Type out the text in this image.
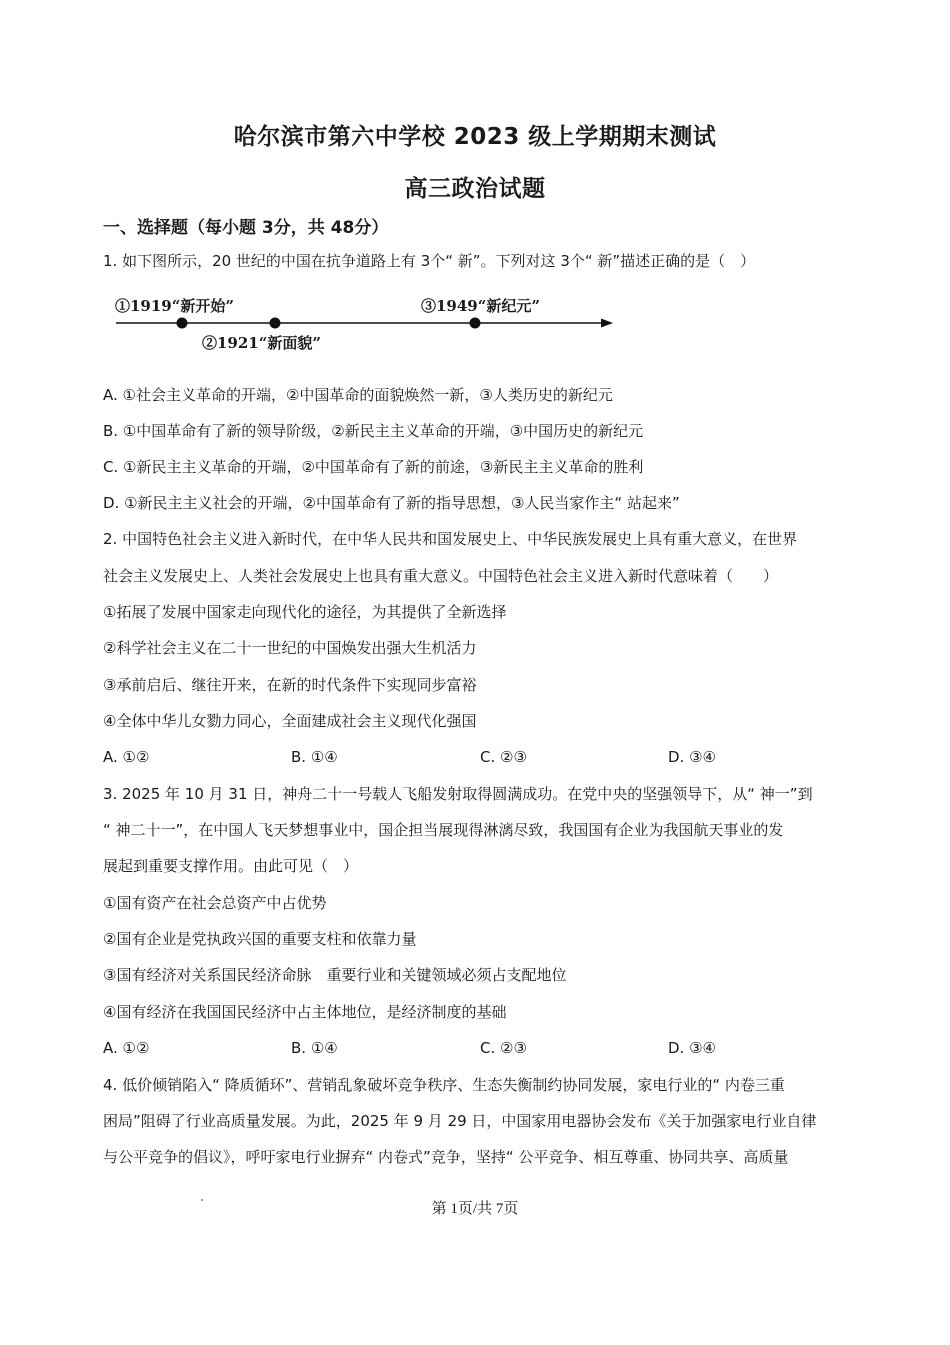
哈尔滨市第六中学校 2023 级上学期期末测试
高三政治试题
一、选择题（每小题 3分，共 48分）
1. 如下图所示，20 世纪的中国在抗争道路上有 3个“ 新”。下列对这 3个“ 新”描述正确的是（　）
①1919“新开始”
②1921“新面貌”
③1949“新纪元”
A. ①社会主义革命的开端，②中国革命的面貌焕然一新，③人类历史的新纪元
B. ①中国革命有了新的领导阶级，②新民主主义革命的开端，③中国历史的新纪元
C. ①新民主主义革命的开端，②中国革命有了新的前途，③新民主主义革命的胜利
D. ①新民主主义社会的开端，②中国革命有了新的指导思想，③人民当家作主“ 站起来”
2. 中国特色社会主义进入新时代，在中华人民共和国发展史上、中华民族发展史上具有重大意义，在世界
社会主义发展史上、人类社会发展史上也具有重大意义。中国特色社会主义进入新时代意味着（　　）
①拓展了发展中国家走向现代化的途径，为其提供了全新选择
②科学社会主义在二十一世纪的中国焕发出强大生机活力
③承前启后、继往开来，在新的时代条件下实现同步富裕
④全体中华儿女勠力同心，全面建成社会主义现代化强国
A. ①②	B. ①④	C. ②③	D. ③④
3. 2025 年 10 月 31 日，神舟二十一号载人飞船发射取得圆满成功。在党中央的坚强领导下，从“ 神一”到
“ 神二十一”，在中国人飞天梦想事业中，国企担当展现得淋漓尽致，我国国有企业为我国航天事业的发
展起到重要支撑作用。由此可见（　）
①国有资产在社会总资产中占优势
②国有企业是党执政兴国的重要支柱和依靠力量
③国有经济对关系国民经济命脉　重要行业和关键领域必须占支配地位
④国有经济在我国国民经济中占主体地位，是经济制度的基础
A. ①②	B. ①④	C. ②③	D. ③④
4. 低价倾销陷入“ 降质循环”、营销乱象破坏竞争秩序、生态失衡制约协同发展，家电行业的“ 内卷三重
困局”阻碍了行业高质量发展。为此，2025 年 9 月 29 日，中国家用电器协会发布《关于加强家电行业自律
与公平竞争的倡议》，呼吁家电行业摒弃“ 内卷式”竞争，坚持“ 公平竞争、相互尊重、协同共享、高质量
第 1页/共 7页
